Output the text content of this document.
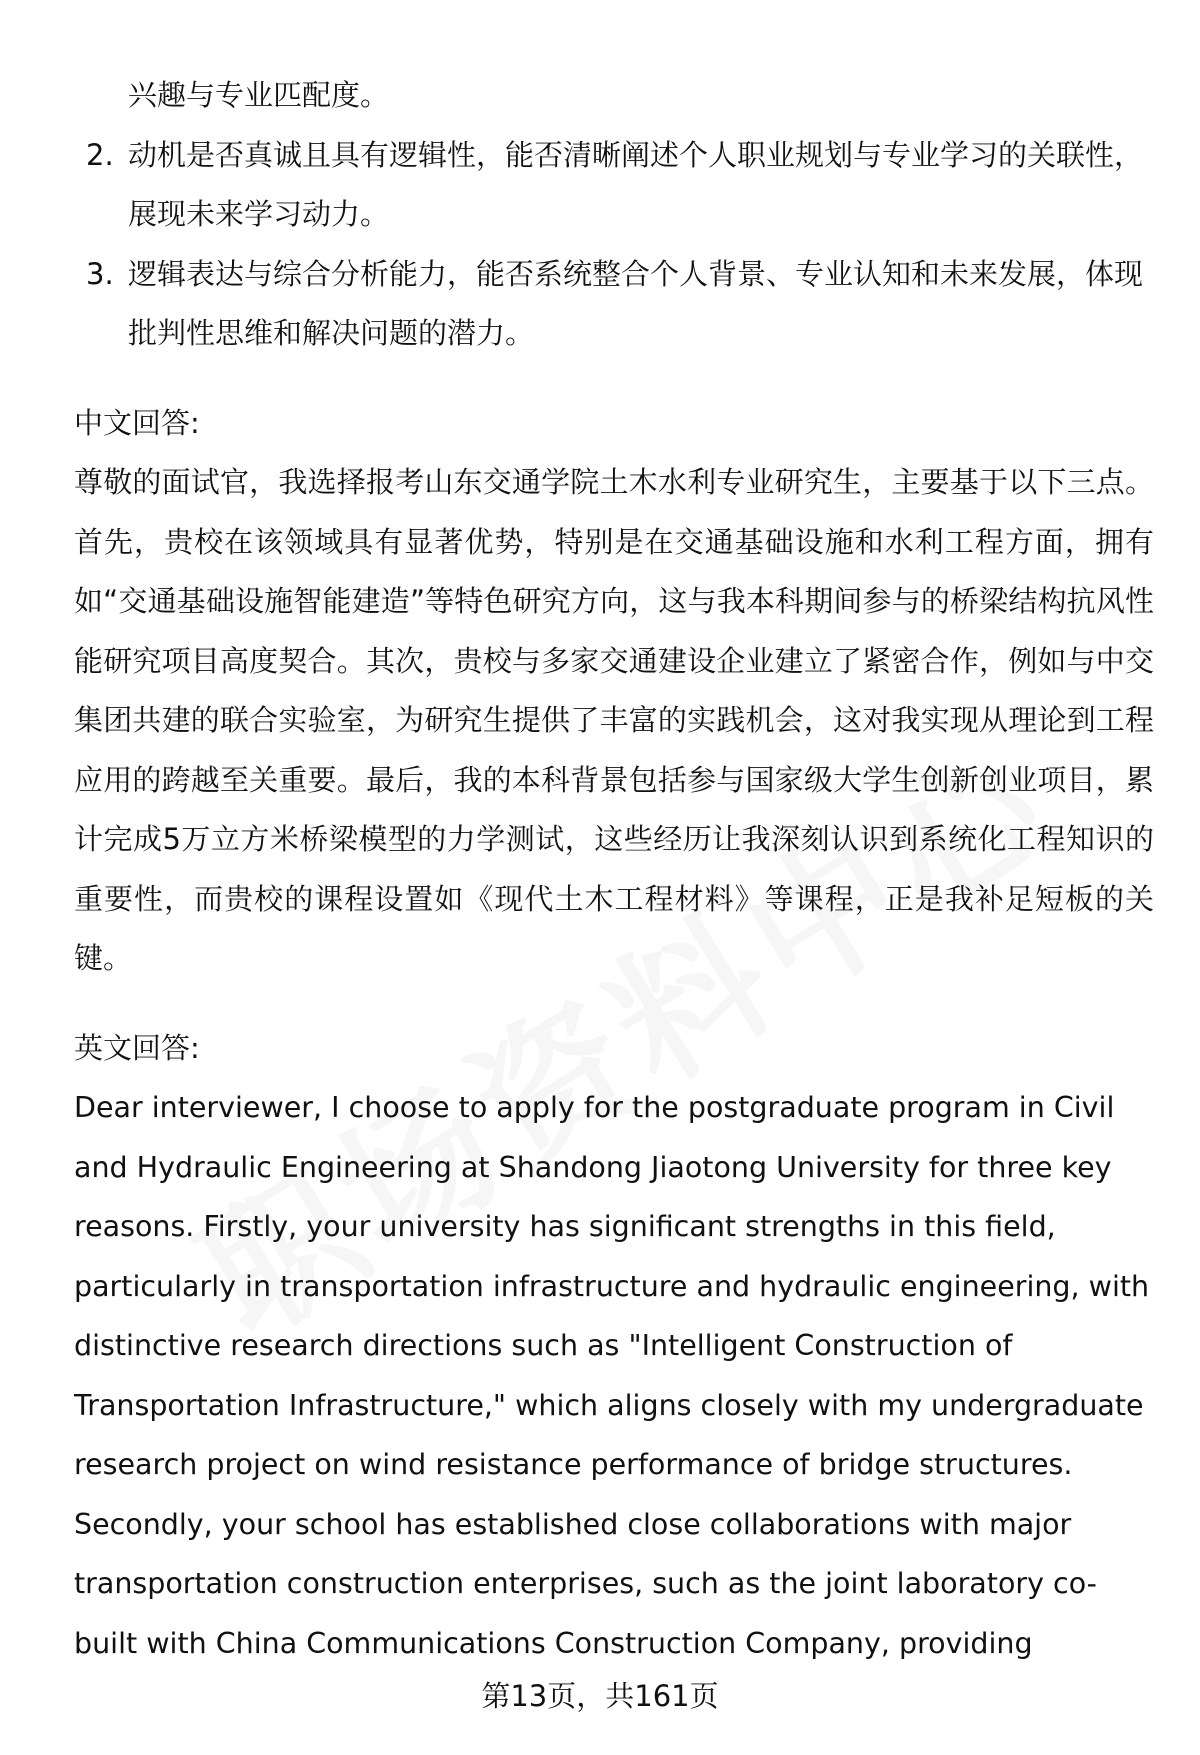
兴趣与专业匹配度。
2. 动机是否真诚且具有逻辑性，能否清晰阐述个人职业规划与专业学习的关联性，展现未来学习动力。
3. 逻辑表达与综合分析能力，能否系统整合个人背景、专业认知和未来发展，体现批判性思维和解决问题的潜力。
中文回答:

尊敬的面试官，我选择报考山东交通学院土木水利专业研究生，主要基于以下三点。首先，贵校在该领域具有显著优势，特别是在交通基础设施和水利工程方面，拥有如“交通基础设施智能建造”等特色研究方向，这与我本科期间参与的桥梁结构抗风性能研究项目高度契合。其次，贵校与多家交通建设企业建立了紧密合作，例如与中交集团共建的联合实验室，为研究生提供了丰富的实践机会，这对我实现从理论到工程应用的跨越至关重要。最后，我的本科背景包括参与国家级大学生创新创业项目，累计完成5万立方米桥梁模型的力学测试，这些经历让我深刻认识到系统化工程知识的重要性，而贵校的课程设置如《现代土木工程材料》等课程，正是我补足短板的关键。

英文回答:

Dear interviewer, I choose to apply for the postgraduate program in Civil and Hydraulic Engineering at Shandong Jiaotong University for three key reasons. Firstly, your university has significant strengths in this field, particularly in transportation infrastructure and hydraulic engineering, with distinctive research directions such as "Intelligent Construction of Transportation Infrastructure," which aligns closely with my undergraduate research project on wind resistance performance of bridge structures. Secondly, your school has established close collaborations with major transportation construction enterprises, such as the joint laboratory co-built with China Communications Construction Company, providing

第13页，共161页
